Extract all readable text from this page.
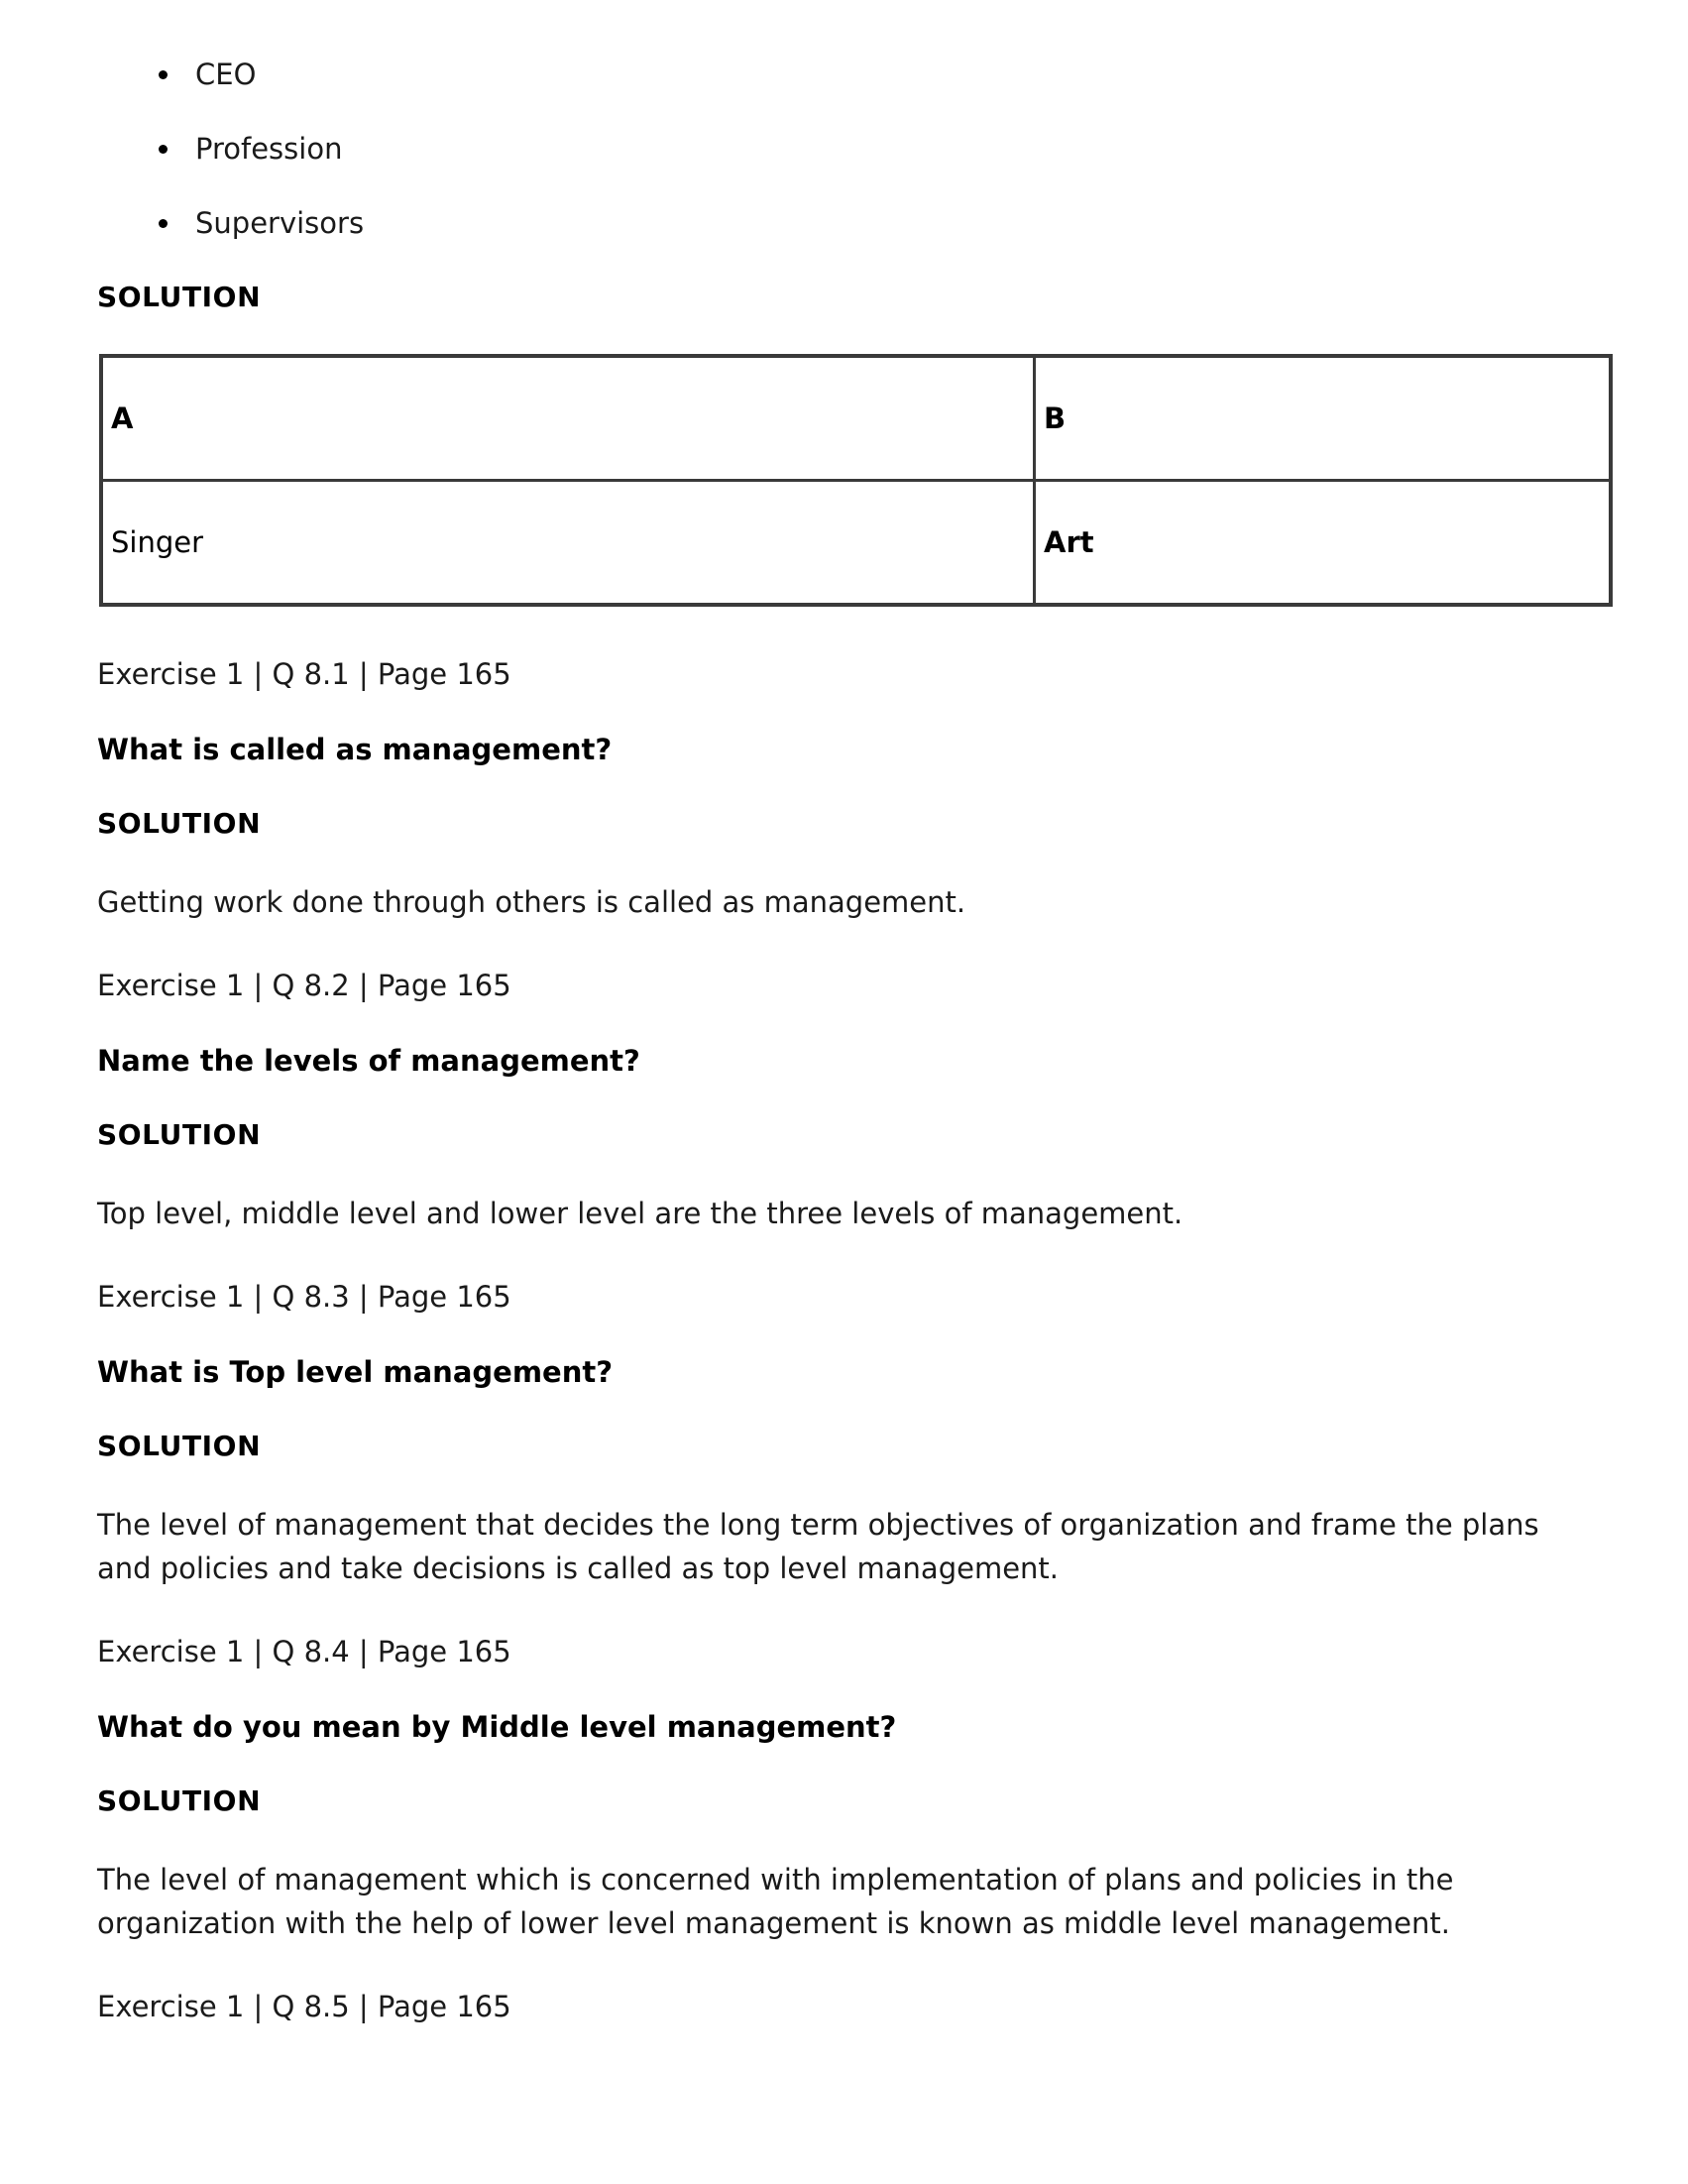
CEO
Profession
Supervisors

SOLUTION

A	B
Singer	Art

Exercise 1 | Q 8.1 | Page 165

What is called as management?

SOLUTION

Getting work done through others is called as management.

Exercise 1 | Q 8.2 | Page 165

Name the levels of management?

SOLUTION

Top level, middle level and lower level are the three levels of management.

Exercise 1 | Q 8.3 | Page 165

What is Top level management?

SOLUTION

The level of management that decides the long term objectives of organization and frame the plans and policies and take decisions is called as top level management.

Exercise 1 | Q 8.4 | Page 165

What do you mean by Middle level management?

SOLUTION

The level of management which is concerned with implementation of plans and policies in the organization with the help of lower level management is known as middle level management.

Exercise 1 | Q 8.5 | Page 165
